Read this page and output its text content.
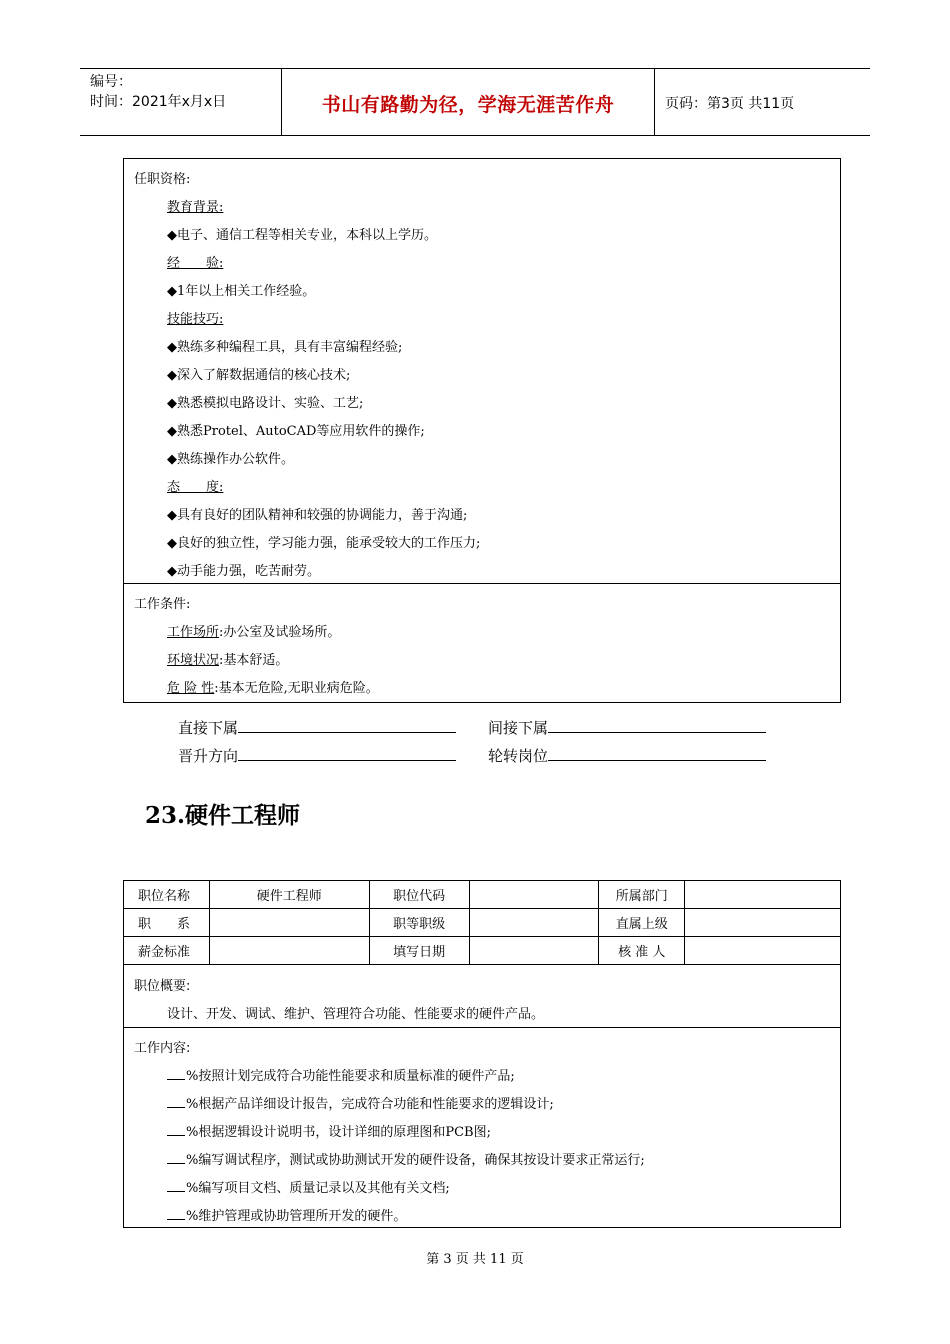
编号：
时间：2021年x月x日	书山有路勤为径，学海无涯苦作舟	页码：第3页 共11页
任职资格:
教育背景:
◆电子、通信工程等相关专业，本科以上学历。
经　　验:
◆1年以上相关工作经验。
技能技巧:
◆熟练多种编程工具，具有丰富编程经验;
◆深入了解数据通信的核心技术;
◆熟悉模拟电路设计、实验、工艺;
◆熟悉Protel、AutoCAD等应用软件的操作;
◆熟练操作办公软件。
态　　度:
◆具有良好的团队精神和较强的协调能力，善于沟通;
◆良好的独立性，学习能力强，能承受较大的工作压力;
◆动手能力强，吃苦耐劳。
工作条件:
工作场所:办公室及试验场所。
环境状况:基本舒适。
危 险 性:基本无危险,无职业病危险。
直接下属	间接下属
晋升方向	轮转岗位
23.硬件工程师
职位名称	硬件工程师	职位代码		所属部门	
职　　系		职等职级		直属上级	
薪金标准		填写日期		核 准 人	
职位概要:
设计、开发、调试、维护、管理符合功能、性能要求的硬件产品。
工作内容:
%按照计划完成符合功能性能要求和质量标准的硬件产品;
%根据产品详细设计报告，完成符合功能和性能要求的逻辑设计;
%根据逻辑设计说明书，设计详细的原理图和PCB图;
%编写调试程序，测试或协助测试开发的硬件设备，确保其按设计要求正常运行;
%编写项目文档、质量记录以及其他有关文档;
%维护管理或协助管理所开发的硬件。
第 3 页 共 11 页
